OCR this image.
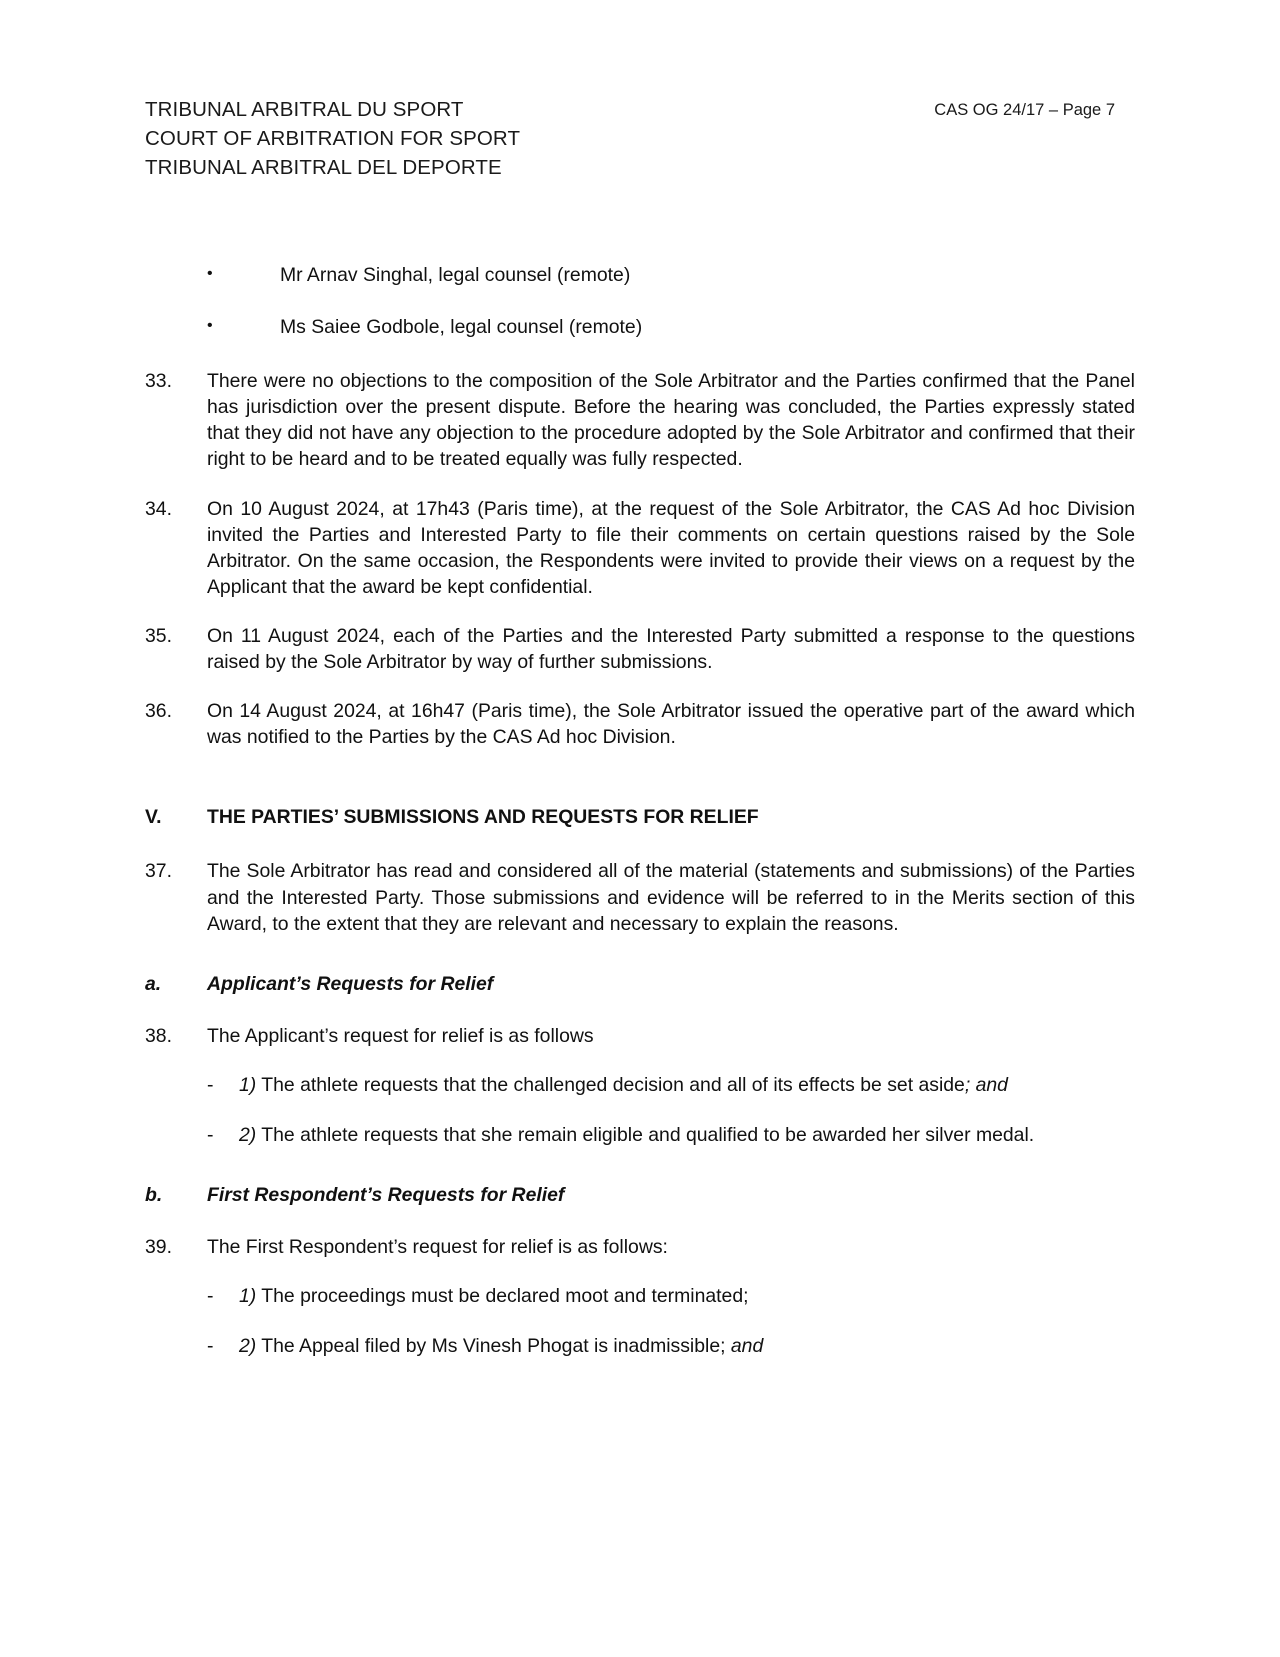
TRIBUNAL ARBITRAL DU SPORT
COURT OF ARBITRATION FOR SPORT
TRIBUNAL ARBITRAL DEL DEPORTE
CAS OG 24/17 – Page 7
•	Mr Arnav Singhal, legal counsel (remote)
•	Ms Saiee Godbole, legal counsel (remote)
33.	There were no objections to the composition of the Sole Arbitrator and the Parties confirmed that the Panel has jurisdiction over the present dispute. Before the hearing was concluded, the Parties expressly stated that they did not have any objection to the procedure adopted by the Sole Arbitrator and confirmed that their right to be heard and to be treated equally was fully respected.
34.	On 10 August 2024, at 17h43 (Paris time), at the request of the Sole Arbitrator, the CAS Ad hoc Division invited the Parties and Interested Party to file their comments on certain questions raised by the Sole Arbitrator. On the same occasion, the Respondents were invited to provide their views on a request by the Applicant that the award be kept confidential.
35.	On 11 August 2024, each of the Parties and the Interested Party submitted a response to the questions raised by the Sole Arbitrator by way of further submissions.
36.	On 14 August 2024, at 16h47 (Paris time), the Sole Arbitrator issued the operative part of the award which was notified to the Parties by the CAS Ad hoc Division.
V.	THE PARTIES’ SUBMISSIONS AND REQUESTS FOR RELIEF
37.	The Sole Arbitrator has read and considered all of the material (statements and submissions) of the Parties and the Interested Party. Those submissions and evidence will be referred to in the Merits section of this Award, to the extent that they are relevant and necessary to explain the reasons.
a.	Applicant’s Requests for Relief
38.	The Applicant’s request for relief is as follows
-	1) The athlete requests that the challenged decision and all of its effects be set aside; and
-	2) The athlete requests that she remain eligible and qualified to be awarded her silver medal.
b.	First Respondent’s Requests for Relief
39.	The First Respondent’s request for relief is as follows:
-	1) The proceedings must be declared moot and terminated;
-	2) The Appeal filed by Ms Vinesh Phogat is inadmissible; and
